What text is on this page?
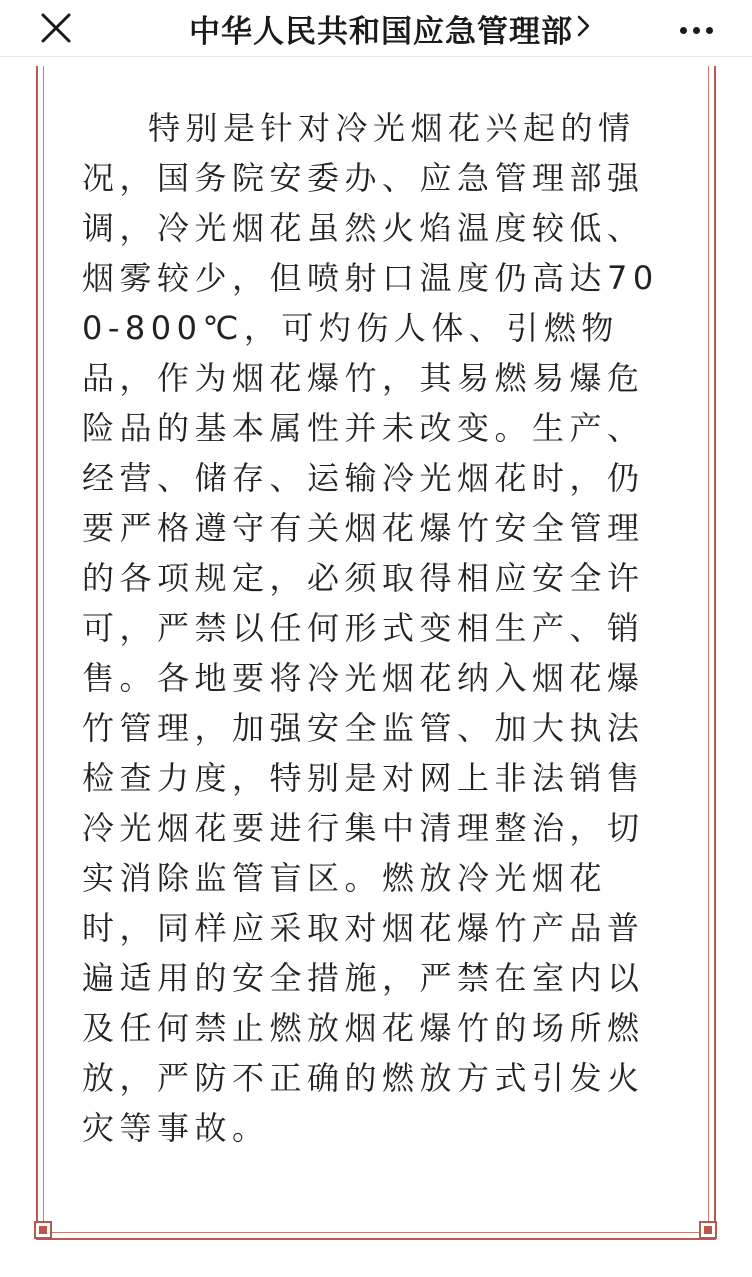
中华人民共和国应急管理部

特别是针对冷光烟花兴起的情况，国务院安委办、应急管理部强调，冷光烟花虽然火焰温度较低、烟雾较少，但喷射口温度仍高达700-800℃，可灼伤人体、引燃物品，作为烟花爆竹，其易燃易爆危险品的基本属性并未改变。生产、经营、储存、运输冷光烟花时，仍要严格遵守有关烟花爆竹安全管理的各项规定，必须取得相应安全许可，严禁以任何形式变相生产、销售。各地要将冷光烟花纳入烟花爆竹管理，加强安全监管、加大执法检查力度，特别是对网上非法销售冷光烟花要进行集中清理整治，切实消除监管盲区。燃放冷光烟花时，同样应采取对烟花爆竹产品普遍适用的安全措施，严禁在室内以及任何禁止燃放烟花爆竹的场所燃放，严防不正确的燃放方式引发火灾等事故。
